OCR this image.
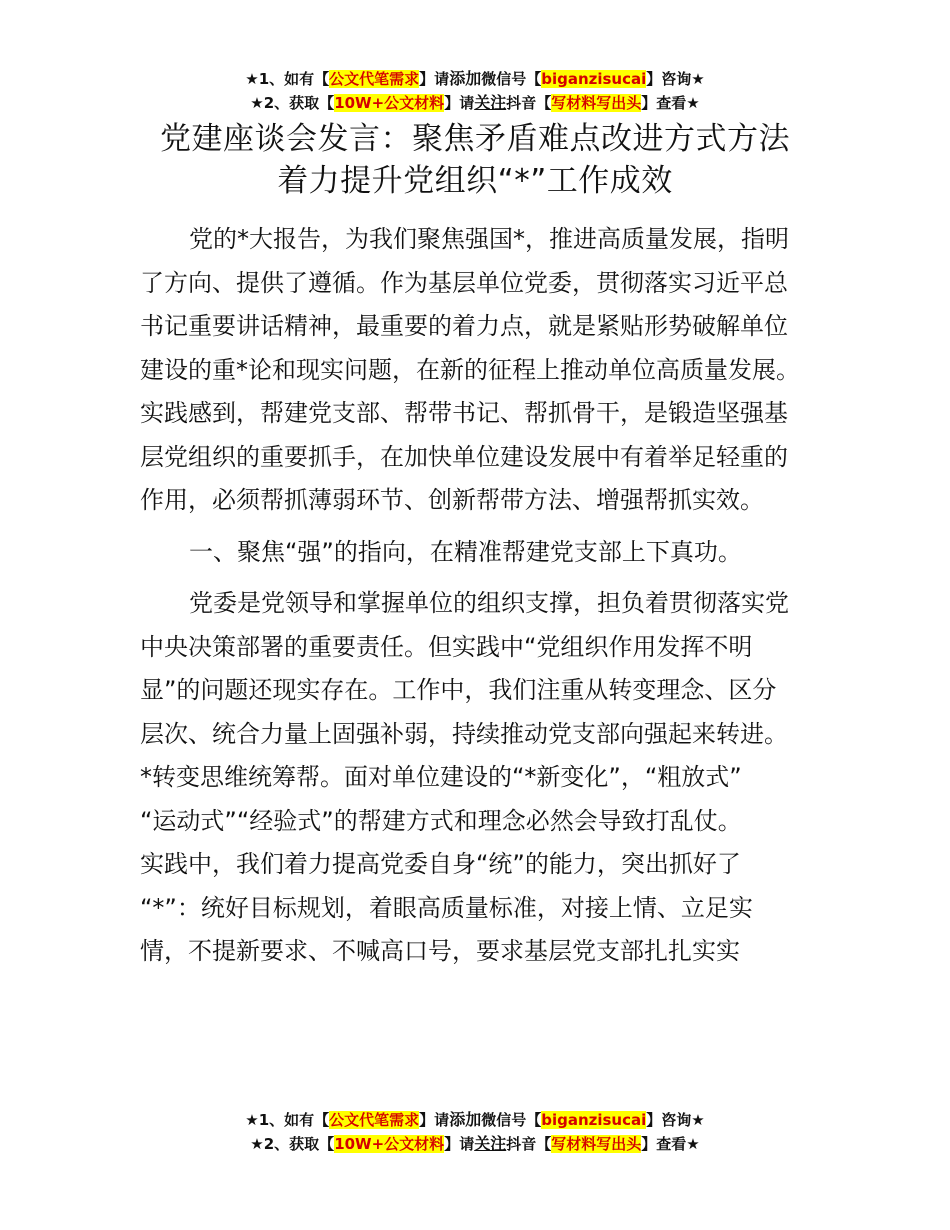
★1、如有【公文代笔需求】请添加微信号【biganzisucai】咨询★
★2、获取【10W+公文材料】请关注抖音【写材料写出头】查看★
党建座谈会发言：聚焦矛盾难点改进方式方法
着力提升党组织“*”工作成效
党的*大报告，为我们聚焦强国*，推进高质量发展，指明
了方向、提供了遵循。作为基层单位党委，贯彻落实习近平总
书记重要讲话精神，最重要的着力点，就是紧贴形势破解单位
建设的重*论和现实问题，在新的征程上推动单位高质量发展。
实践感到，帮建党支部、帮带书记、帮抓骨干，是锻造坚强基
层党组织的重要抓手，在加快单位建设发展中有着举足轻重的
作用，必须帮抓薄弱环节、创新帮带方法、增强帮抓实效。
一、聚焦“强”的指向，在精准帮建党支部上下真功。
党委是党领导和掌握单位的组织支撑，担负着贯彻落实党
中央决策部署的重要责任。但实践中“党组织作用发挥不明
显”的问题还现实存在。工作中，我们注重从转变理念、区分
层次、统合力量上固强补弱，持续推动党支部向强起来转进。
*转变思维统筹帮。面对单位建设的“*新变化”，“粗放式”
“运动式”“经验式”的帮建方式和理念必然会导致打乱仗。
实践中，我们着力提高党委自身“统”的能力，突出抓好了
“*”：统好目标规划，着眼高质量标准，对接上情、立足实
情，不提新要求、不喊高口号，要求基层党支部扎扎实实
★1、如有【公文代笔需求】请添加微信号【biganzisucai】咨询★
★2、获取【10W+公文材料】请关注抖音【写材料写出头】查看★
